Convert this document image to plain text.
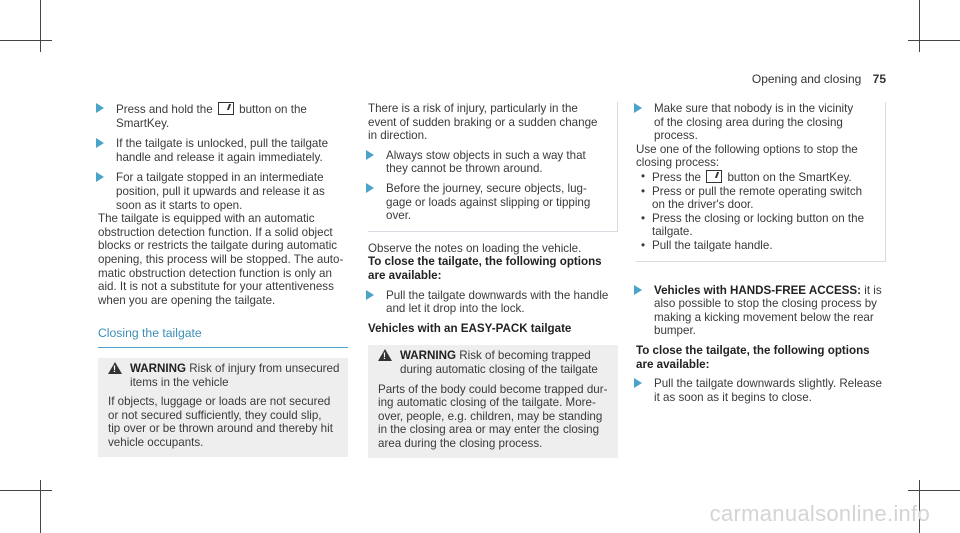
Opening and closing 75

Press and hold the button on the

SmartKey.

If the tailgate is unlocked, pull the tailgate

handle and release it again immediately.

For a tailgate stopped in an intermediate

position, pull it upwards and release it as

soon as it starts to open.

The tailgate is equipped with an automatic

obstruction detection function. If a solid object

blocks or restricts the tailgate during automatic

opening, this process will be stopped. The auto-

matic obstruction detection function is only an

aid. It is not a substitute for your attentiveness

when you are opening the tailgate.

Closing the tailgate
!

WARNING Risk of injury from unsecured

items in the vehicle

If objects, luggage or loads are not secured

or not secured sufficiently, they could slip,

tip over or be thrown around and thereby hit

vehicle occupants.

There is a risk of injury, particularly in the

event of sudden braking or a sudden change

in direction.

Always stow objects in such a way that

they cannot be thrown around.

Before the journey, secure objects, lug-

gage or loads against slipping or tipping

over.

Observe the notes on loading the vehicle.

To close the tailgate, the following options

are available:

Pull the tailgate downwards with the handle

and let it drop into the lock.

Vehicles with an EASY-PACK tailgate

!

WARNING Risk of becoming trapped

during automatic closing of the tailgate

Parts of the body could become trapped dur-

ing automatic closing of the tailgate. More-

over, people, e.g. children, may be standing

in the closing area or may enter the closing

area during the closing process.

Make sure that nobody is in the vicinity

of the closing area during the closing

process.

Use one of the following options to stop the

closing process:

• Press the button on the SmartKey.

• Press or pull the remote operating switch

on the driver's door.

• Press the closing or locking button on the

tailgate.

• Pull the tailgate handle.

Vehicles with HANDS-FREE ACCESS: it is

also possible to stop the closing process by

making a kicking movement below the rear

bumper.

To close the tailgate, the following options

are available:

Pull the tailgate downwards slightly. Release

it as soon as it begins to close.

carmanualsonline.info
